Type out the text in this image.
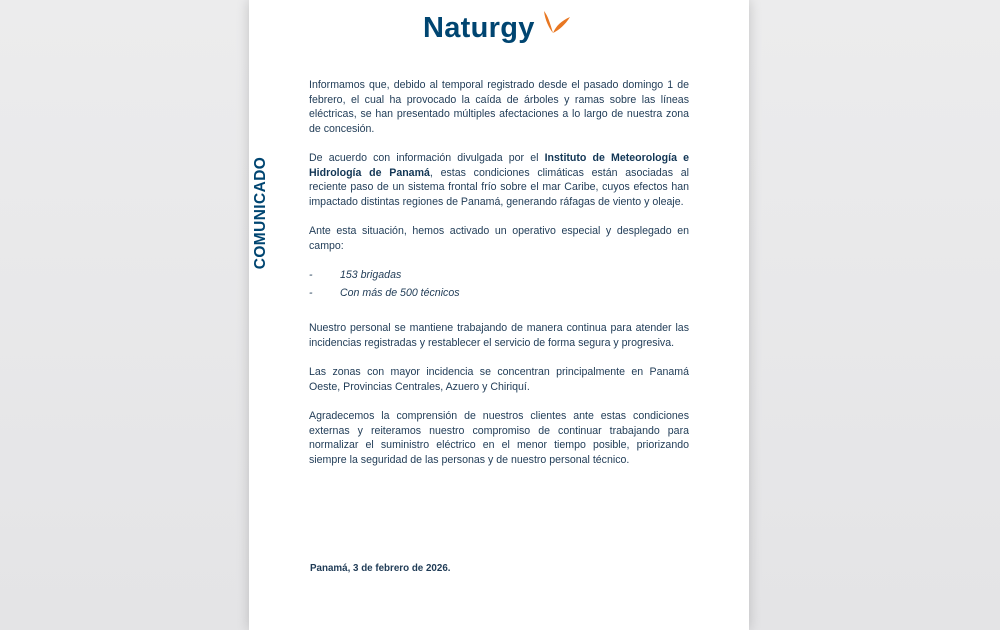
Naturgy
COMUNICADO

Informamos que, debido al temporal registrado desde el pasado domingo 1 de febrero, el cual ha provocado la caída de árboles y ramas sobre las líneas eléctricas, se han presentado múltiples afectaciones a lo largo de nuestra zona de concesión.

De acuerdo con información divulgada por el Instituto de Meteorología e Hidrología de Panamá, estas condiciones climáticas están asociadas al reciente paso de un sistema frontal frío sobre el mar Caribe, cuyos efectos han impactado distintas regiones de Panamá, generando ráfagas de viento y oleaje.

Ante esta situación, hemos activado un operativo especial y desplegado en campo:

-	153 brigadas
-	Con más de 500 técnicos

Nuestro personal se mantiene trabajando de manera continua para atender las incidencias registradas y restablecer el servicio de forma segura y progresiva.

Las zonas con mayor incidencia se concentran principalmente en Panamá Oeste, Provincias Centrales, Azuero y Chiriquí.

Agradecemos la comprensión de nuestros clientes ante estas condiciones externas y reiteramos nuestro compromiso de continuar trabajando para normalizar el suministro eléctrico en el menor tiempo posible, priorizando siempre la seguridad de las personas y de nuestro personal técnico.

Panamá, 3 de febrero de 2026.
